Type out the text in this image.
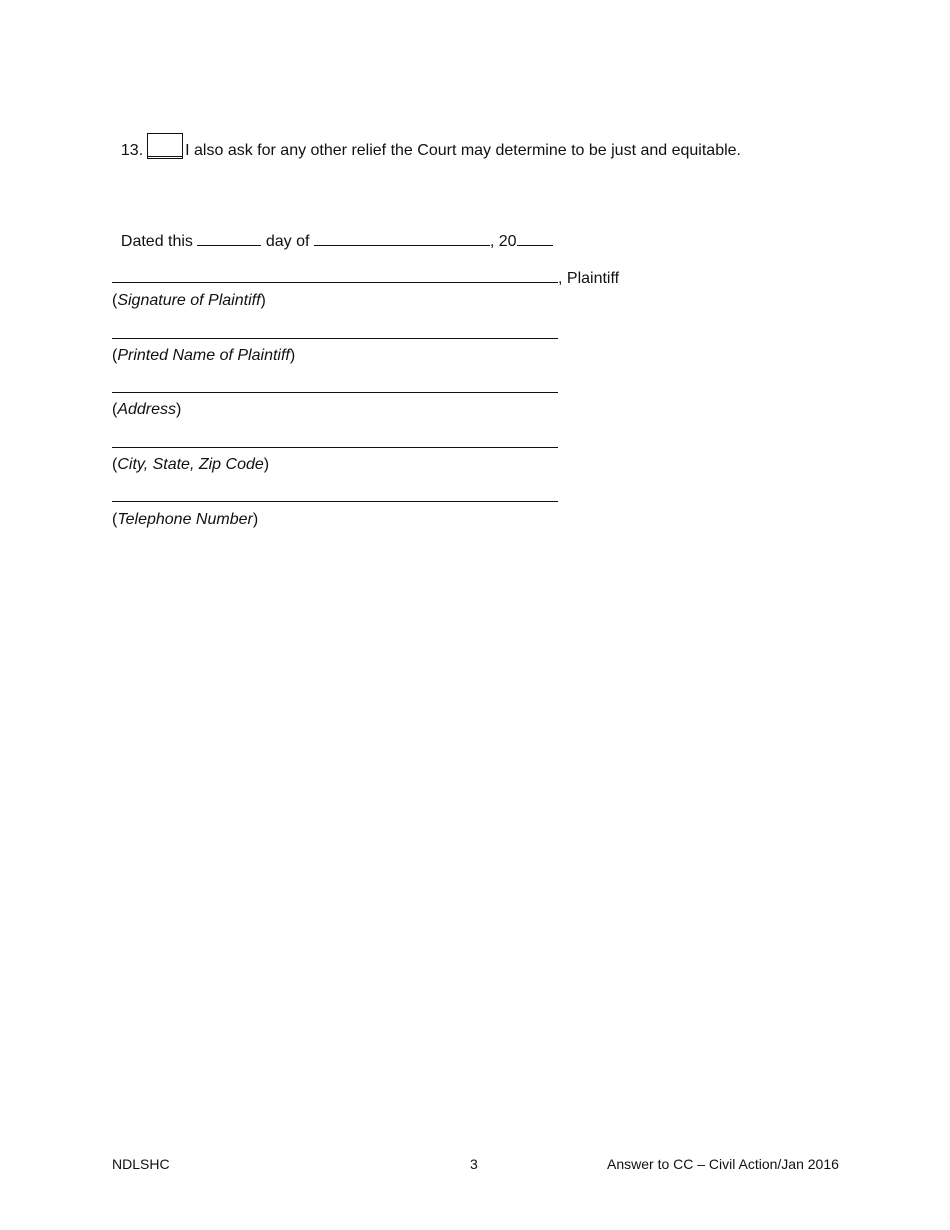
13.	I also ask for any other relief the Court may determine to be just and equitable.

Dated this	day of	, 20

, Plaintiff
(Signature of Plaintiff)
(Printed Name of Plaintiff)
(Address)
(City, State, Zip Code)
(Telephone Number)
NDLSHC	3	Answer to CC – Civil Action/Jan 2016
